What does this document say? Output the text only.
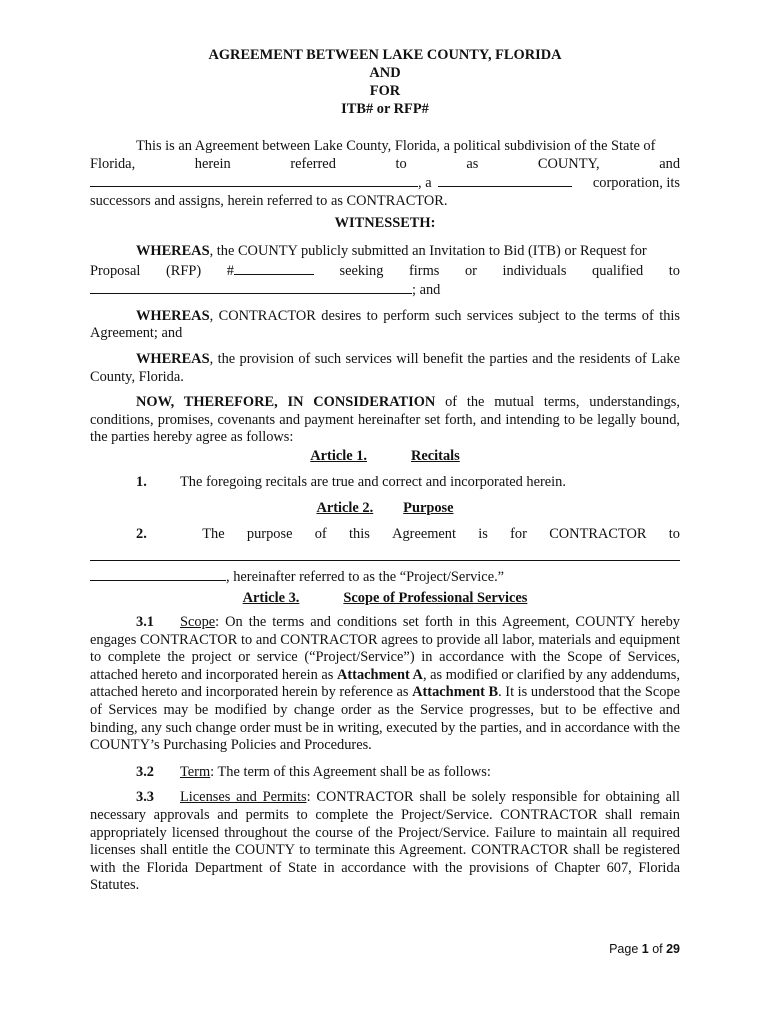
AGREEMENT BETWEEN LAKE COUNTY, FLORIDA
AND
FOR
ITB# or RFP#

This is an Agreement between Lake County, Florida, a political subdivision of the State of

Florida,	herein	referred	to	as	COUNTY,	and

, a	corporation, its

successors and assigns, herein referred to as CONTRACTOR.

WITNESSETH:

WHEREAS, the COUNTY publicly submitted an Invitation to Bid (ITB) or Request for

Proposal (RFP) #	seeking firms or individuals qualified to

; and

WHEREAS, CONTRACTOR desires to perform such services subject to the terms of this Agreement; and

WHEREAS, the provision of such services will benefit the parties and the residents of Lake County, Florida.

NOW, THEREFORE, IN CONSIDERATION of the mutual terms, understandings, conditions, promises, covenants and payment hereinafter set forth, and intending to be legally bound, the parties hereby agree as follows:

Article 1.	Recitals

1. The foregoing recitals are true and correct and incorporated herein.

Article 2. Purpose

2.	The purpose of this Agreement is for CONTRACTOR to

, hereinafter referred to as the “Project/Service.”

Article 3.	Scope of Professional Services

3.1 Scope: On the terms and conditions set forth in this Agreement, COUNTY hereby engages CONTRACTOR to and CONTRACTOR agrees to provide all labor, materials and equipment to complete the project or service (“Project/Service”) in accordance with the Scope of Services, attached hereto and incorporated herein as Attachment A, as modified or clarified by any addendums, attached hereto and incorporated herein by reference as Attachment B. It is understood that the Scope of Services may be modified by change order as the Service progresses, but to be effective and binding, any such change order must be in writing, executed by the parties, and in accordance with the COUNTY’s Purchasing Policies and Procedures.

3.2 Term: The term of this Agreement shall be as follows:

3.3 Licenses and Permits: CONTRACTOR shall be solely responsible for obtaining all necessary approvals and permits to complete the Project/Service. CONTRACTOR shall remain appropriately licensed throughout the course of the Project/Service. Failure to maintain all required licenses shall entitle the COUNTY to terminate this Agreement. CONTRACTOR shall be registered with the Florida Department of State in accordance with the provisions of Chapter 607, Florida Statutes.

Page 1 of 29
